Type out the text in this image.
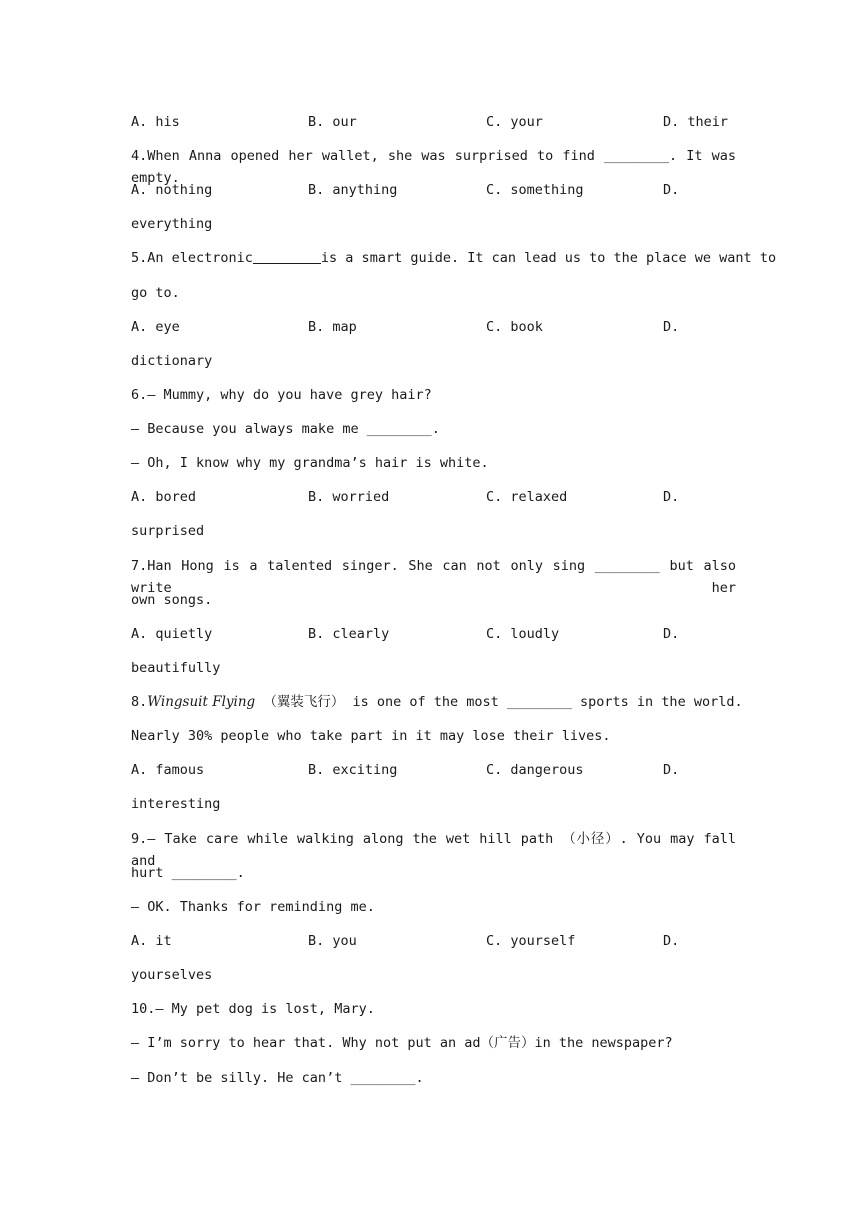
A. his

	B. our

	C. your

	D. their

4.When Anna opened her wallet, she was surprised to find ________. It was empty.

A. nothing

	B. anything

	C. something

	D.

everything
5.An electronic	is a smart guide. It can lead us to the place we want to
go to.

A. eye

	B. map

	C. book

	D.

dictionary
6.— Mummy, why do you have grey hair?
— Because you always make me ________.
— Oh, I know why my grandma’s hair is white.

A. bored

	B. worried

	C. relaxed

	D.

surprised
7.Han Hong is a talented singer. She can not only sing ________ but also write her
own songs.

A. quietly

	B. clearly

	C. loudly

	D.

beautifully
8.Wingsuit Flying （翼装飞行） is one of the most ________ sports in the world.
Nearly 30% people who take part in it may lose their lives.

A. famous

	B. exciting

	C. dangerous

	D.

interesting
9.— Take care while walking along the wet hill path （小径）. You may fall and
hurt ________.
— OK. Thanks for reminding me.

A. it

	B. you

	C. yourself

	D.

yourselves
10.— My pet dog is lost, Mary.
— I’m sorry to hear that. Why not put an ad（广告）in the newspaper?
— Don’t be silly. He can’t ________.
